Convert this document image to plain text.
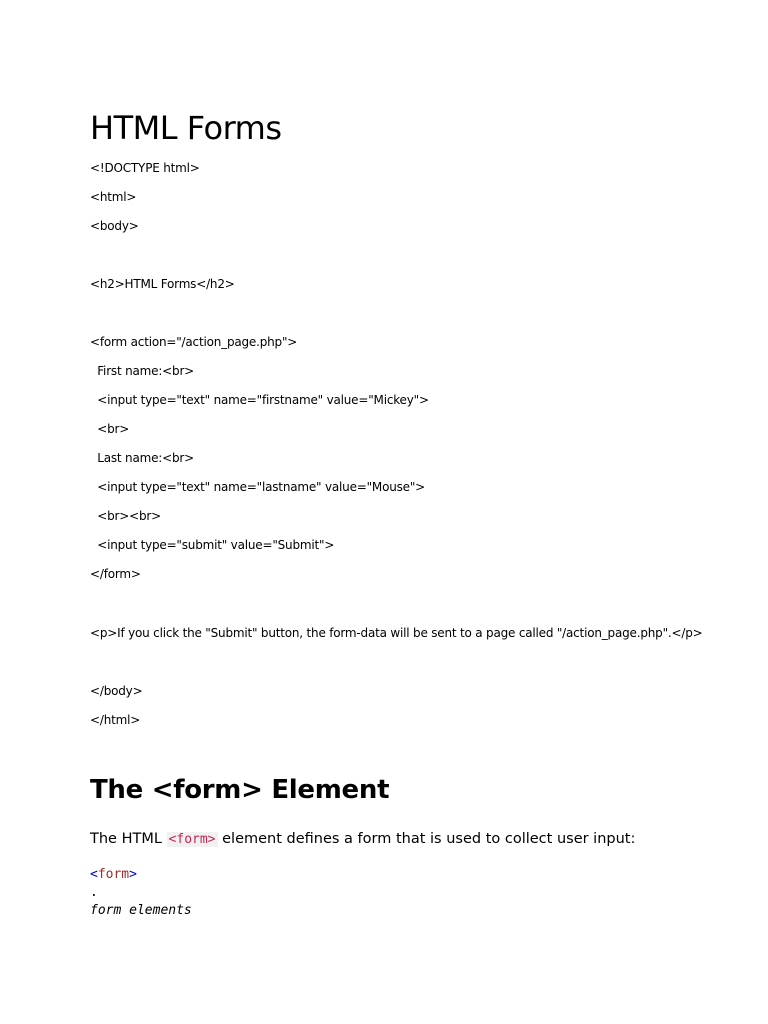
HTML Forms

<!DOCTYPE html>

<html>

<body>

<h2>HTML Forms</h2>

<form action="/action_page.php">

First name:<br>

<input type="text" name="firstname" value="Mickey">

<br>

Last name:<br>

<input type="text" name="lastname" value="Mouse">

<br><br>

<input type="submit" value="Submit">

</form>

<p>If you click the "Submit" button, the form-data will be sent to a page called "/action_page.php".</p>

</body>

</html>

The <form> Element

The HTML <form> element defines a form that is used to collect user input:

<form>

.

form elements
